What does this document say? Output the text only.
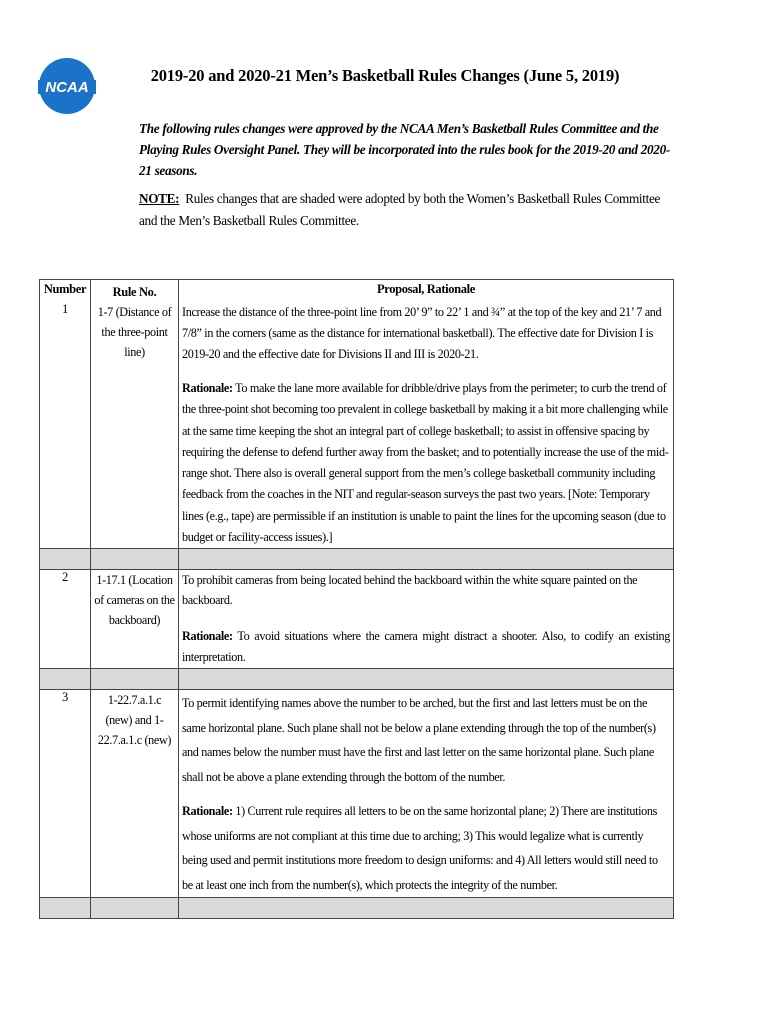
NCAA
2019-20 and 2020-21 Men’s Basketball Rules Changes (June 5, 2019)
The following rules changes were approved by the NCAA Men’s Basketball Rules Committee and the Playing Rules Oversight Panel. They will be incorporated into the rules book for the 2019-20 and 2020-21 seasons.
NOTE: Rules changes that are shaded were adopted by both the Women’s Basketball Rules Committee and the Men’s Basketball Rules Committee.
Number	Rule No.	Proposal, Rationale
1	1-7 (Distance of the three-point line)	Increase the distance of the three-point line from 20’ 9” to 22’ 1 and ¾” at the top of the key and 21’ 7 and 7/8” in the corners (same as the distance for international basketball). The effective date for Division I is 2019-20 and the effective date for Divisions II and III is 2020-21.
Rationale: To make the lane more available for dribble/drive plays from the perimeter; to curb the trend of the three-point shot becoming too prevalent in college basketball by making it a bit more challenging while at the same time keeping the shot an integral part of college basketball; to assist in offensive spacing by requiring the defense to defend further away from the basket; and to potentially increase the use of the mid-range shot. There also is overall general support from the men’s college basketball community including feedback from the coaches in the NIT and regular-season surveys the past two years. [Note: Temporary lines (e.g., tape) are permissible if an institution is unable to paint the lines for the upcoming season (due to budget or facility-access issues).]

2	1-17.1 (Location of cameras on the backboard)	To prohibit cameras from being located behind the backboard within the white square painted on the backboard.
Rationale: To avoid situations where the camera might distract a shooter. Also, to codify an existing interpretation.

3	1-22.7.a.1.c (new) and 1-22.7.a.1.c (new)	To permit identifying names above the number to be arched, but the first and last letters must be on the same horizontal plane. Such plane shall not be below a plane extending through the top of the number(s) and names below the number must have the first and last letter on the same horizontal plane. Such plane shall not be above a plane extending through the bottom of the number.
Rationale: 1) Current rule requires all letters to be on the same horizontal plane; 2) There are institutions whose uniforms are not compliant at this time due to arching; 3) This would legalize what is currently being used and permit institutions more freedom to design uniforms: and 4) All letters would still need to be at least one inch from the number(s), which protects the integrity of the number.
